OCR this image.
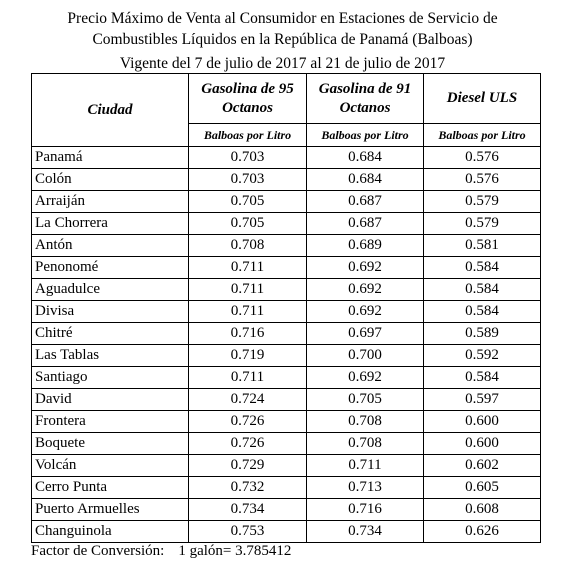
Precio Máximo de Venta al Consumidor en Estaciones de Servicio de
Combustibles Líquidos en la República de Panamá (Balboas)
Vigente del 7 de julio de 2017 al 21 de julio de 2017
Ciudad	Gasolina de 95 Octanos	Gasolina de 91 Octanos	Diesel ULS
	Balboas por Litro	Balboas por Litro	Balboas por Litro
Panamá	0.703	0.684	0.576
Colón	0.703	0.684	0.576
Arraiján	0.705	0.687	0.579
La Chorrera	0.705	0.687	0.579
Antón	0.708	0.689	0.581
Penonomé	0.711	0.692	0.584
Aguadulce	0.711	0.692	0.584
Divisa	0.711	0.692	0.584
Chitré	0.716	0.697	0.589
Las Tablas	0.719	0.700	0.592
Santiago	0.711	0.692	0.584
David	0.724	0.705	0.597
Frontera	0.726	0.708	0.600
Boquete	0.726	0.708	0.600
Volcán	0.729	0.711	0.602
Cerro Punta	0.732	0.713	0.605
Puerto Armuelles	0.734	0.716	0.608
Changuinola	0.753	0.734	0.626
Factor de Conversión: 1 galón= 3.785412
